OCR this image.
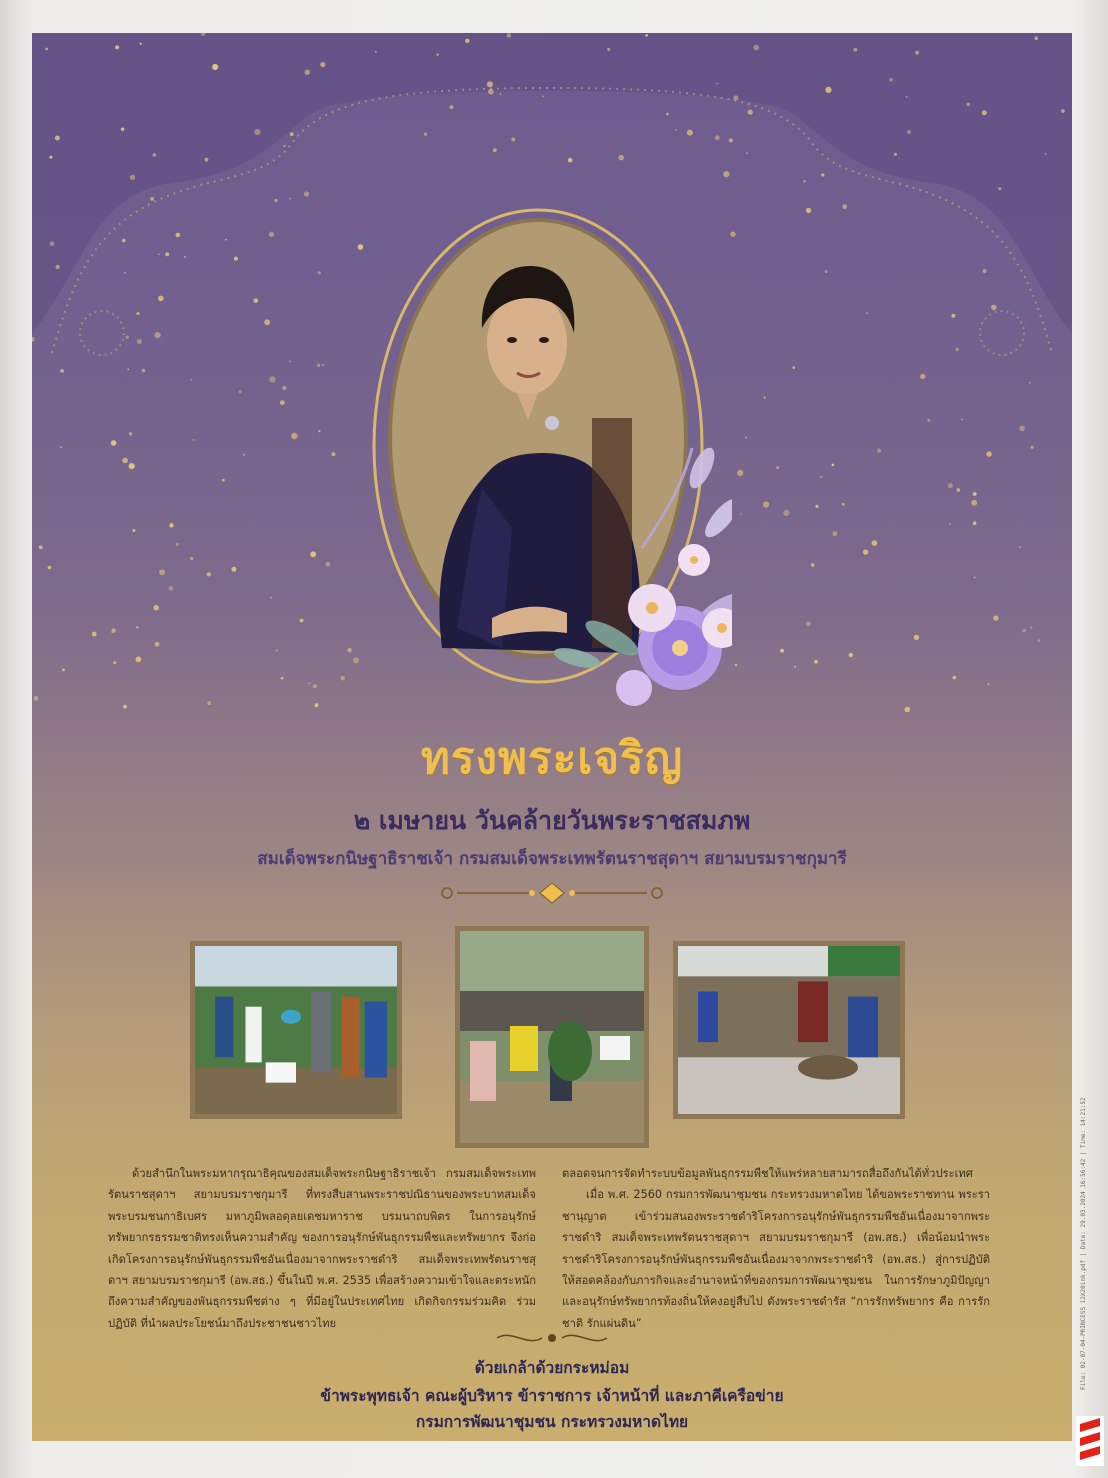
ทรงพระเจริญ
๒ เมษายน วันคล้ายวันพระราชสมภพ
สมเด็จพระกนิษฐาธิราชเจ้า กรมสมเด็จพระเทพรัตนราชสุดาฯ สยามบรมราชกุมารี

ด้วยสำนึกในพระมหากรุณาธิคุณของสมเด็จพระกนิษฐาธิราชเจ้า กรมสมเด็จพระเทพรัตนราชสุดาฯ สยามบรมราชกุมารี ที่ทรงสืบสานพระราชปณิธานของพระบาทสมเด็จพระบรมชนกาธิเบศร มหาภูมิพลอดุลยเดชมหาราช บรมนาถบพิตร ในการอนุรักษ์ทรัพยากรธรรมชาติทรงเห็นความสำคัญ ของการอนุรักษ์พันธุกรรมพืชและทรัพยากร จึงก่อเกิดโครงการอนุรักษ์พันธุกรรมพืชอันเนื่องมาจากพระราชดำริ สมเด็จพระเทพรัตนราชสุดาฯ สยามบรมราชกุมารี (อพ.สธ.) ขึ้นในปี พ.ศ. 2535 เพื่อสร้างความเข้าใจและตระหนักถึงความสำคัญของพันธุกรรมพืชต่าง ๆ ที่มีอยู่ในประเทศไทย เกิดกิจกรรมร่วมคิด ร่วมปฏิบัติ ที่นำผลประโยชน์มาถึงประชาชนชาวไทย

ตลอดจนการจัดทำระบบข้อมูลพันธุกรรมพืชให้แพร่หลายสามารถสื่อถึงกันได้ทั่วประเทศ

เมื่อ พ.ศ. 2560 กรมการพัฒนาชุมชน กระทรวงมหาดไทย ได้ขอพระราชทาน พระราชานุญาต เข้าร่วมสนองพระราชดำริโครงการอนุรักษ์พันธุกรรมพืชอันเนื่องมาจากพระราชดำริ สมเด็จพระเทพรัตนราชสุดาฯ สยามบรมราชกุมารี (อพ.สธ.) เพื่อน้อมนำพระราชดำริโครงการอนุรักษ์พันธุกรรมพืชอันเนื่องมาจากพระราชดำริ (อพ.สธ.) สู่การปฏิบัติให้สอดคล้องกับภารกิจและอำนาจหน้าที่ของกรมการพัฒนาชุมชน ในการรักษาภูมิปัญญาและอนุรักษ์ทรัพยากรท้องถิ่นให้คงอยู่สืบไป ดังพระราชดำรัส “การรักทรัพยากร คือ การรักชาติ รักแผ่นดิน”

ด้วยเกล้าด้วยกระหม่อม
ข้าพระพุทธเจ้า คณะผู้บริหาร ข้าราชการ เจ้าหน้าที่ และภาคีเครือข่าย
กรมการพัฒนาชุมชน กระทรวงมหาดไทย
